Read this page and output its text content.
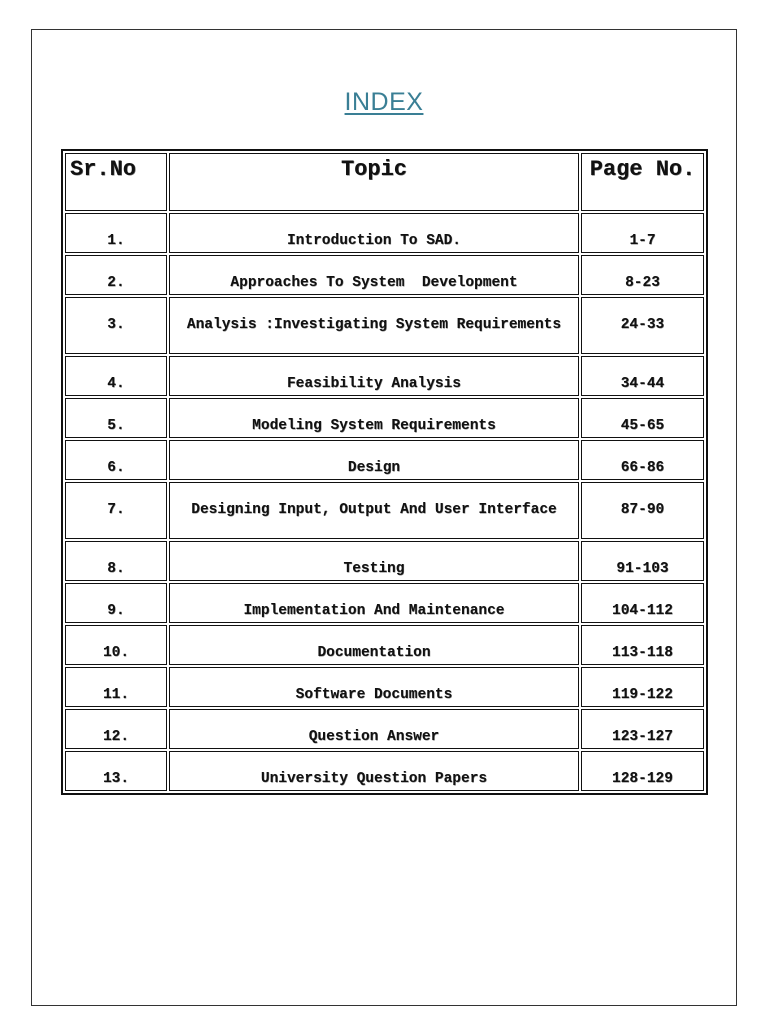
INDEX
Sr.No	Topic	Page No.
1.	Introduction To SAD.	1-7
2.	Approaches To System  Development	8-23
3.	Analysis :Investigating System Requirements	24-33
4.	Feasibility Analysis	34-44
5.	Modeling System Requirements	45-65
6.	Design	66-86
7.	Designing Input, Output And User Interface	87-90
8.	Testing	91-103
9.	Implementation And Maintenance	104-112
10.	Documentation	113-118
11.	Software Documents	119-122
12.	Question Answer	123-127
13.	University Question Papers	128-129
